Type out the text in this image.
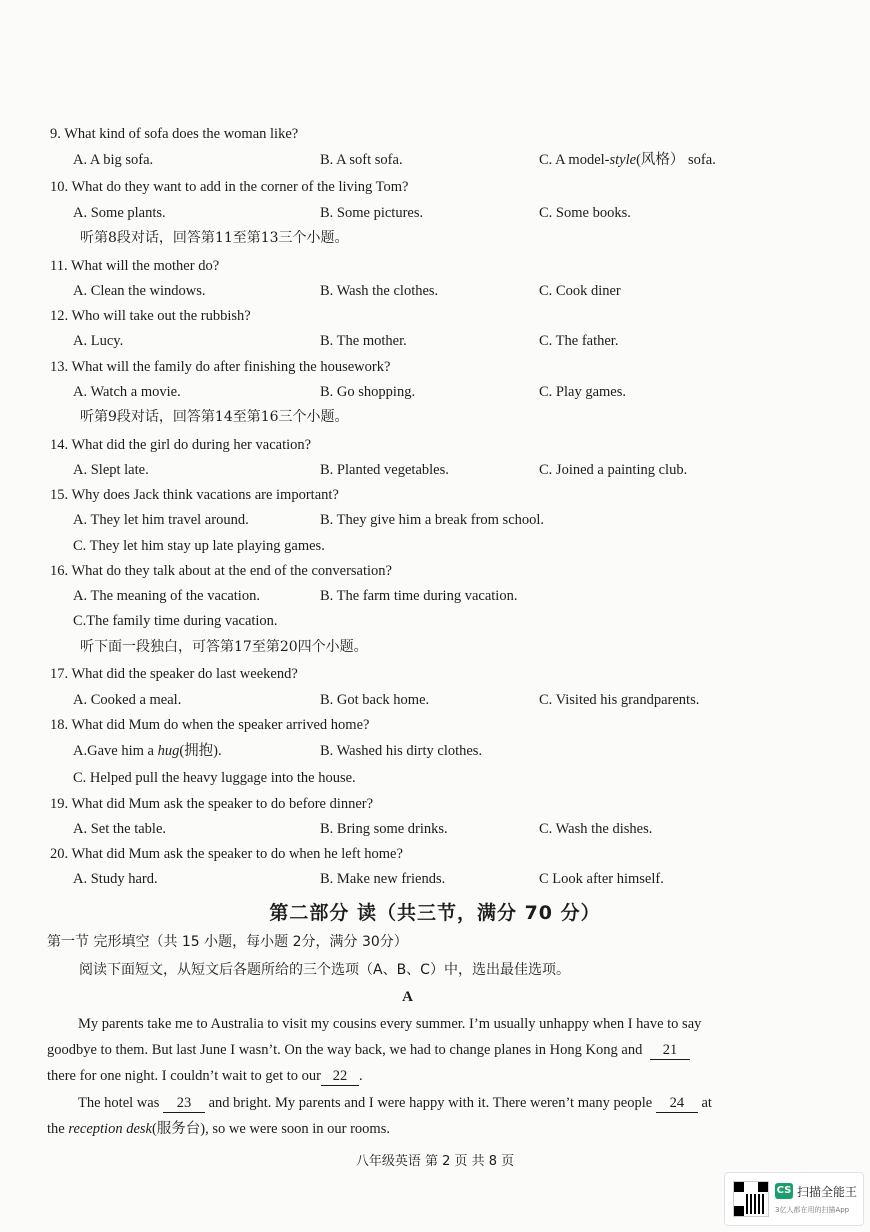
9. What kind of sofa does the woman like?
A. A big sofa.	B. A soft sofa.	C. A model-style(风格） sofa.
10. What do they want to add in the corner of the living Tom?
A. Some plants.	B. Some pictures.	C. Some books.
11. What will the mother do?
A. Clean the windows.	B. Wash the clothes.	C. Cook diner
12. Who will take out the rubbish?
A. Lucy.	B. The mother.	C. The father.
13. What will the family do after finishing the housework?
A. Watch a movie.	B. Go shopping.	C. Play games.
14. What did the girl do during her vacation?
A. Slept late.	B. Planted vegetables.	C. Joined a painting club.
15. Why does Jack think vacations are important?
A. They let him travel around.	B. They give him a break from school.
C. They let him stay up late playing games.
16. What do they talk about at the end of the conversation?
A. The meaning of the vacation.	B. The farm time during vacation.
C.The family time during vacation.
17. What did the speaker do last weekend?
A. Cooked a meal.	B. Got back home.	C. Visited his grandparents.
18. What did Mum do when the speaker arrived home?
A.Gave him a hug(拥抱).	B. Washed his dirty clothes.
C. Helped pull the heavy luggage into the house.
19. What did Mum ask the speaker to do before dinner?
A. Set the table.	B. Bring some drinks.	C. Wash the dishes.
20. What did Mum ask the speaker to do when he left home?
A. Study hard.	B. Make new friends.	C Look after himself.
听第8段对话，回答第11至第13三个小题。
听第9段对话，回答第14至第16三个小题。
听下面一段独白，可答第17至第20四个小题。
第二部分 读（共三节，满分 70 分）
第一节 完形填空（共 15 小题，每小题 2分，满分 30分）
阅读下面短文，从短文后各题所给的三个选项（A、B、C）中，选出最佳选项。
A
My parents take me to Australia to visit my cousins every summer. I’m usually unhappy when I have to say
goodbye to them. But last June I wasn’t. On the way back, we had to change planes in Hong Kong and 21
there for one night. I couldn’t wait to get to our 22 .
The hotel was 23 and bright. My parents and I were happy with it. There weren’t many people 24 at
the reception desk(服务台), so we were soon in our rooms.
八年级英语 第 2 页 共 8 页
CS 扫描全能王
3亿人都在用的扫描App
